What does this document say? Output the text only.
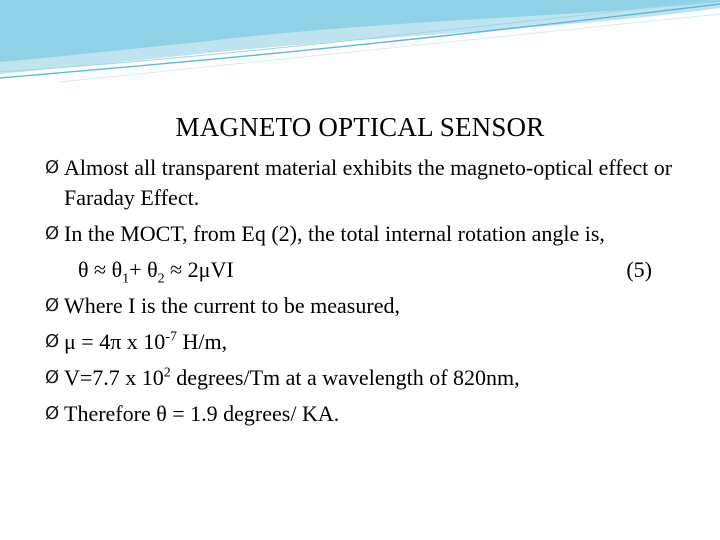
MAGNETO OPTICAL SENSOR
Ø Almost all transparent material exhibits the magneto-optical effect or Faraday Effect.
Ø In the MOCT, from Eq (2), the total internal rotation angle is,
$\theta \approx \theta_1+ \theta_2 \approx 2\mu VI$	(5)
Ø Where I is the current to be measured,
Ø μ = 4π x $10^{-7}$ H/m,
Ø V=7.7 x $10^2$ degrees/Tm at a wavelength of 820nm,
Ø Therefore θ = 1.9 degrees/ KA.
